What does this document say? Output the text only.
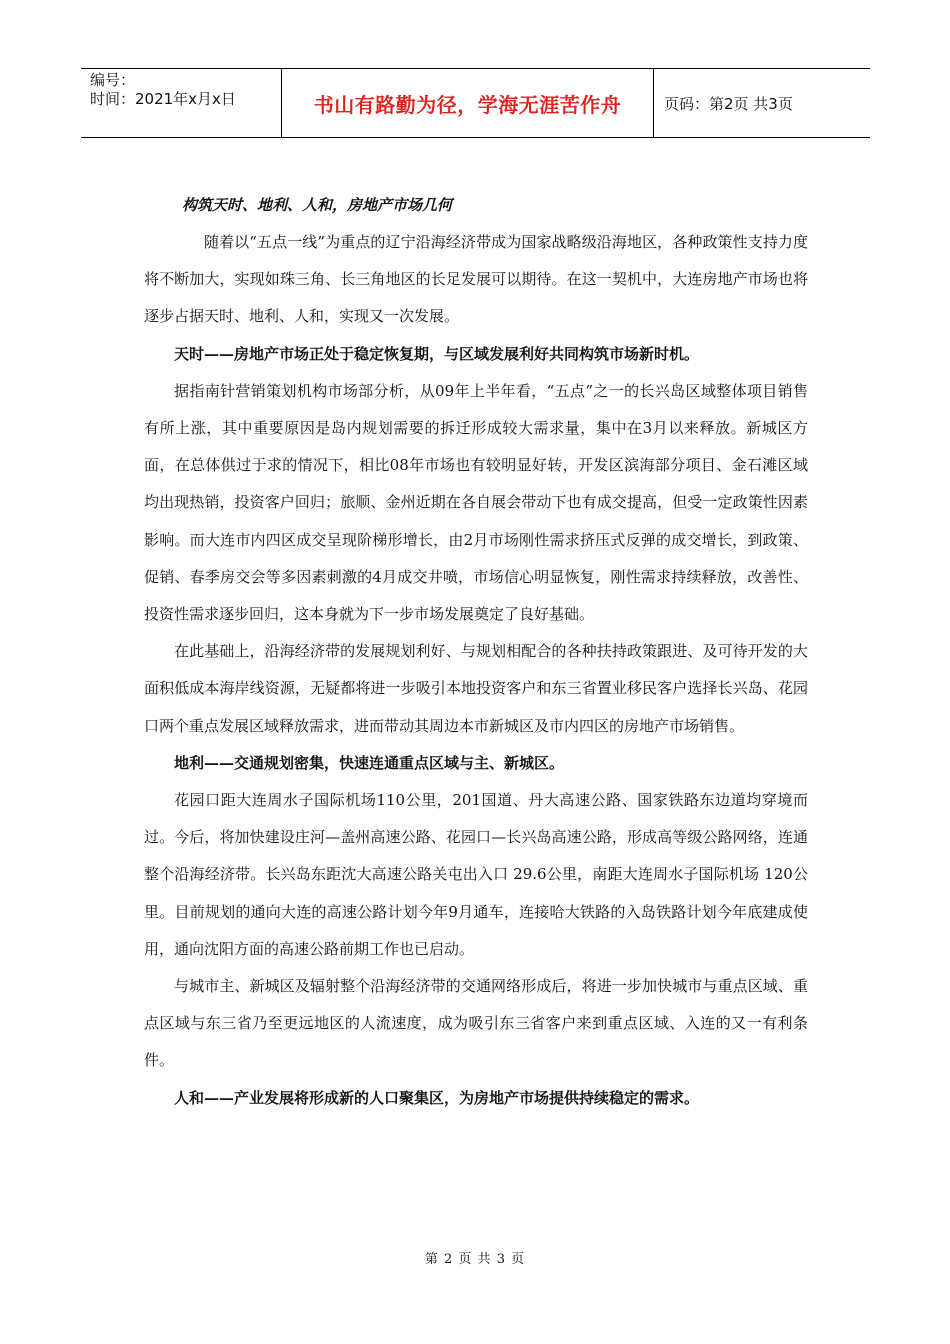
编号：
时间：2021年x月x日	书山有路勤为径，学海无涯苦作舟	页码：第2页 共3页
构筑天时、地利、人和，房地产市场几何

随着以“五点一线”为重点的辽宁沿海经济带成为国家战略级沿海地区，各种政策性支持力度将不断加大，实现如珠三角、长三角地区的长足发展可以期待。在这一契机中，大连房地产市场也将逐步占据天时、地利、人和，实现又一次发展。

天时——房地产市场正处于稳定恢复期，与区域发展利好共同构筑市场新时机。

据指南针营销策划机构市场部分析，从09年上半年看，“五点”之一的长兴岛区域整体项目销售有所上涨，其中重要原因是岛内规划需要的拆迁形成较大需求量，集中在3月以来释放。新城区方面，在总体供过于求的情况下，相比08年市场也有较明显好转，开发区滨海部分项目、金石滩区域均出现热销，投资客户回归；旅顺、金州近期在各自展会带动下也有成交提高，但受一定政策性因素影响。而大连市内四区成交呈现阶梯形增长，由2月市场刚性需求挤压式反弹的成交增长，到政策、促销、春季房交会等多因素刺激的4月成交井喷，市场信心明显恢复，刚性需求持续释放，改善性、投资性需求逐步回归，这本身就为下一步市场发展奠定了良好基础。

在此基础上，沿海经济带的发展规划利好、与规划相配合的各种扶持政策跟进、及可待开发的大面积低成本海岸线资源，无疑都将进一步吸引本地投资客户和东三省置业移民客户选择长兴岛、花园口两个重点发展区域释放需求，进而带动其周边本市新城区及市内四区的房地产市场销售。

地利——交通规划密集，快速连通重点区域与主、新城区。

花园口距大连周水子国际机场110公里，201国道、丹大高速公路、国家铁路东边道均穿境而过。今后，将加快建设庄河—盖州高速公路、花园口—长兴岛高速公路，形成高等级公路网络，连通整个沿海经济带。长兴岛东距沈大高速公路关屯出入口 29.6公里，南距大连周水子国际机场 120公里。目前规划的通向大连的高速公路计划今年9月通车，连接哈大铁路的入岛铁路计划今年底建成使用，通向沈阳方面的高速公路前期工作也已启动。

与城市主、新城区及辐射整个沿海经济带的交通网络形成后，将进一步加快城市与重点区域、重点区域与东三省乃至更远地区的人流速度，成为吸引东三省客户来到重点区域、入连的又一有利条件。

人和——产业发展将形成新的人口聚集区，为房地产市场提供持续稳定的需求。

第 2 页 共 3 页
